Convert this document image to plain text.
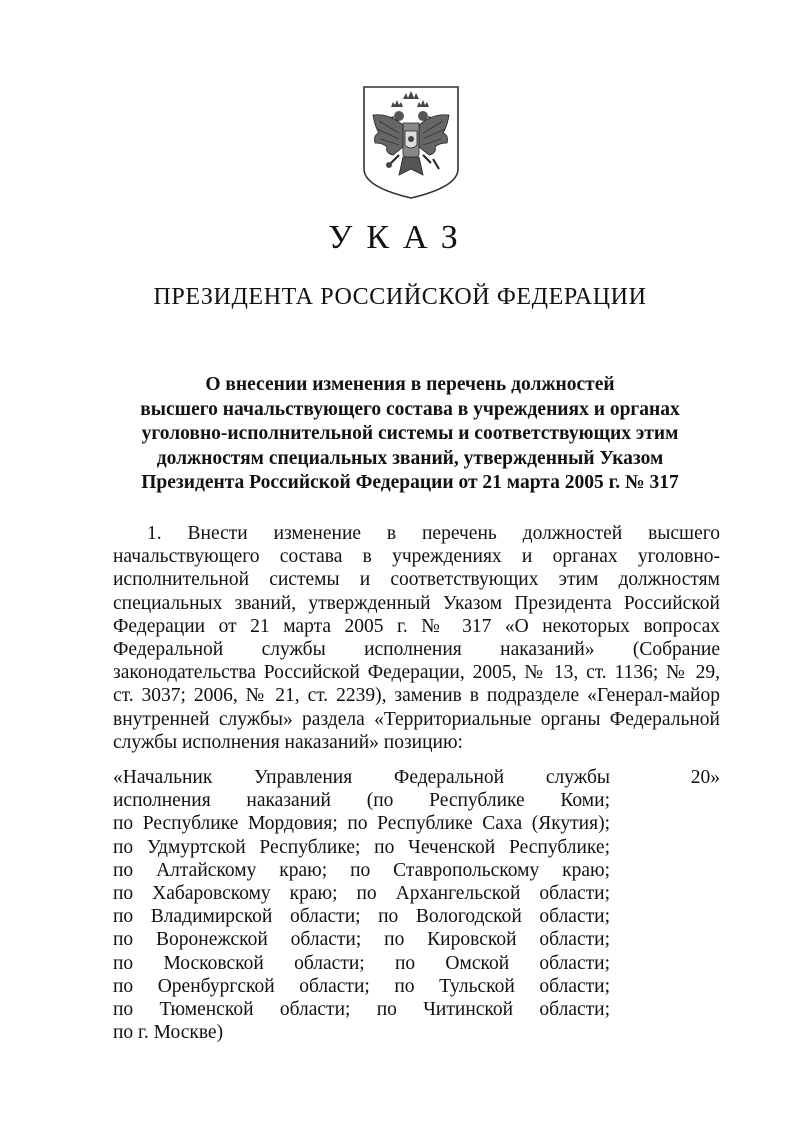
УКАЗ
ПРЕЗИДЕНТА РОССИЙСКОЙ ФЕДЕРАЦИИ
О внесении изменения в перечень должностей
высшего начальствующего состава в учреждениях и органах
уголовно-исполнительной системы и соответствующих этим
должностям специальных званий, утвержденный Указом
Президента Российской Федерации от 21 марта 2005 г. № 317
1. Внести изменение в перечень должностей высшего
начальствующего состава в учреждениях и органах уголовно-
исполнительной системы и соответствующих этим должностям
специальных званий, утвержденный Указом Президента Российской
Федерации от 21 марта 2005 г. № 317 «О некоторых вопросах
Федеральной службы исполнения наказаний» (Собрание
законодательства Российской Федерации, 2005, № 13, ст. 1136; № 29,
ст. 3037; 2006, № 21, ст. 2239), заменив в подразделе «Генерал-майор
внутренней службы» раздела «Территориальные органы Федеральной
службы исполнения наказаний» позицию:
«Начальник Управления Федеральной службы
исполнения наказаний (по Республике Коми;
по Республике Мордовия; по Республике Саха (Якутия);
по Удмуртской Республике; по Чеченской Республике;
по Алтайскому краю; по Ставропольскому краю;
по Хабаровскому краю; по Архангельской области;
по Владимирской области; по Вологодской области;
по Воронежской области; по Кировской области;
по Московской области; по Омской области;
по Оренбургской области; по Тульской области;
по Тюменской области; по Читинской области;
по г. Москве)
20»
